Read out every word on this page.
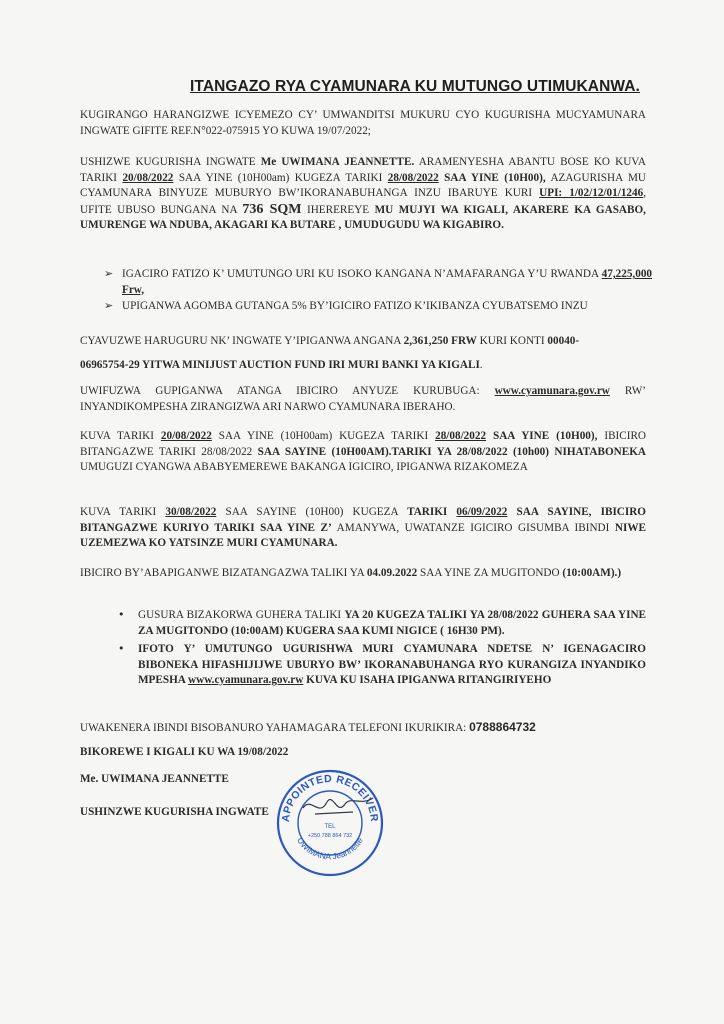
ITANGAZO RYA CYAMUNARA KU MUTUNGO UTIMUKANWA.
KUGIRANGO HARANGIZWE ICYEMEZO CY’ UMWANDITSI MUKURU CYO KUGURISHA MUCYAMUNARA INGWATE GIFITE REF.N°022-075915 YO KUWA 19/07/2022;
USHIZWE KUGURISHA INGWATE Me UWIMANA JEANNETTE. ARAMENYESHA ABANTU BOSE KO KUVA TARIKI 20/08/2022 SAA YINE (10H00am) KUGEZA TARIKI 28/08/2022 SAA YINE (10H00), AZAGURISHA MU CYAMUNARA BINYUZE MUBURYO BW’IKORANABUHANGA INZU IBARUYE KURI UPI: 1/02/12/01/1246, UFITE UBUSO BUNGANA NA 736 SQM IHEREREYE MU MUJYI WA KIGALI, AKARERE KA GASABO, UMURENGE WA NDUBA, AKAGARI KA BUTARE , UMUDUGUDU WA KIGABIRO.
➢ IGACIRO FATIZO K’ UMUTUNGO URI KU ISOKO KANGANA N’AMAFARANGA Y’U RWANDA 47,225,000 Frw,
➢ UPIGANWA AGOMBA GUTANGA 5% BY’IGICIRO FATIZO K’IKIBANZA CYUBATSEMO INZU
CYAVUZWE HARUGURU NK’ INGWATE Y’IPIGANWA ANGANA 2,361,250 FRW KURI KONTI 00040-
06965754-29 YITWA MINIJUST AUCTION FUND IRI MURI BANKI YA KIGALI.
UWIFUZWA GUPIGANWA ATANGA IBICIRO ANYUZE KURUBUGA: www.cyamunara.gov.rw RW’ INYANDIKOMPESHA ZIRANGIZWA ARI NARWO CYAMUNARA IBERAHO.
KUVA TARIKI 20/08/2022 SAA YINE (10H00am) KUGEZA TARIKI 28/08/2022 SAA YINE (10H00), IBICIRO BITANGAZWE TARIKI 28/08/2022 SAA SAYINE (10H00AM).TARIKI YA 28/08/2022 (10h00) NIHATABONEKA UMUGUZI CYANGWA ABABYEMEREWE BAKANGA IGICIRO, IPIGANWA RIZAKOMEZA
KUVA TARIKI 30/08/2022 SAA SAYINE (10H00) KUGEZA TARIKI 06/09/2022 SAA SAYINE, IBICIRO BITANGAZWE KURIYO TARIKI SAA YINE Z’ AMANYWA, UWATANZE IGICIRO GISUMBA IBINDI NIWE UZEMEZWA KO YATSINZE MURI CYAMUNARA.
IBICIRO BY’ABAPIGANWE BIZATANGAZWA TALIKI YA 04.09.2022 SAA YINE ZA MUGITONDO (10:00AM).)
• GUSURA BIZAKORWA GUHERA TALIKI YA 20 KUGEZA TALIKI YA 28/08/2022 GUHERA SAA YINE ZA MUGITONDO (10:00AM) KUGERA SAA KUMI NIGICE ( 16H30 PM).
• IFOTO Y’ UMUTUNGO UGURISHWA MURI CYAMUNARA NDETSE N’ IGENAGACIRO BIBONEKA HIFASHIJIJWE UBURYO BW’ IKORANABUHANGA RYO KURANGIZA INYANDIKO MPESHA www.cyamunara.gov.rw KUVA KU ISAHA IPIGANWA RITANGIRIYEHO
UWAKENERA IBINDI BISOBANURO YAHAMAGARA TELEFONI IKURIKIRA: 0788864732
BIKOREWE I KIGALI KU WA 19/08/2022
Me. UWIMANA JEANNETTE
USHINZWE KUGURISHA INGWATE APPOINTED RECEIVER
UWIMANA Jeannette
TEL
+250 788 864 732
